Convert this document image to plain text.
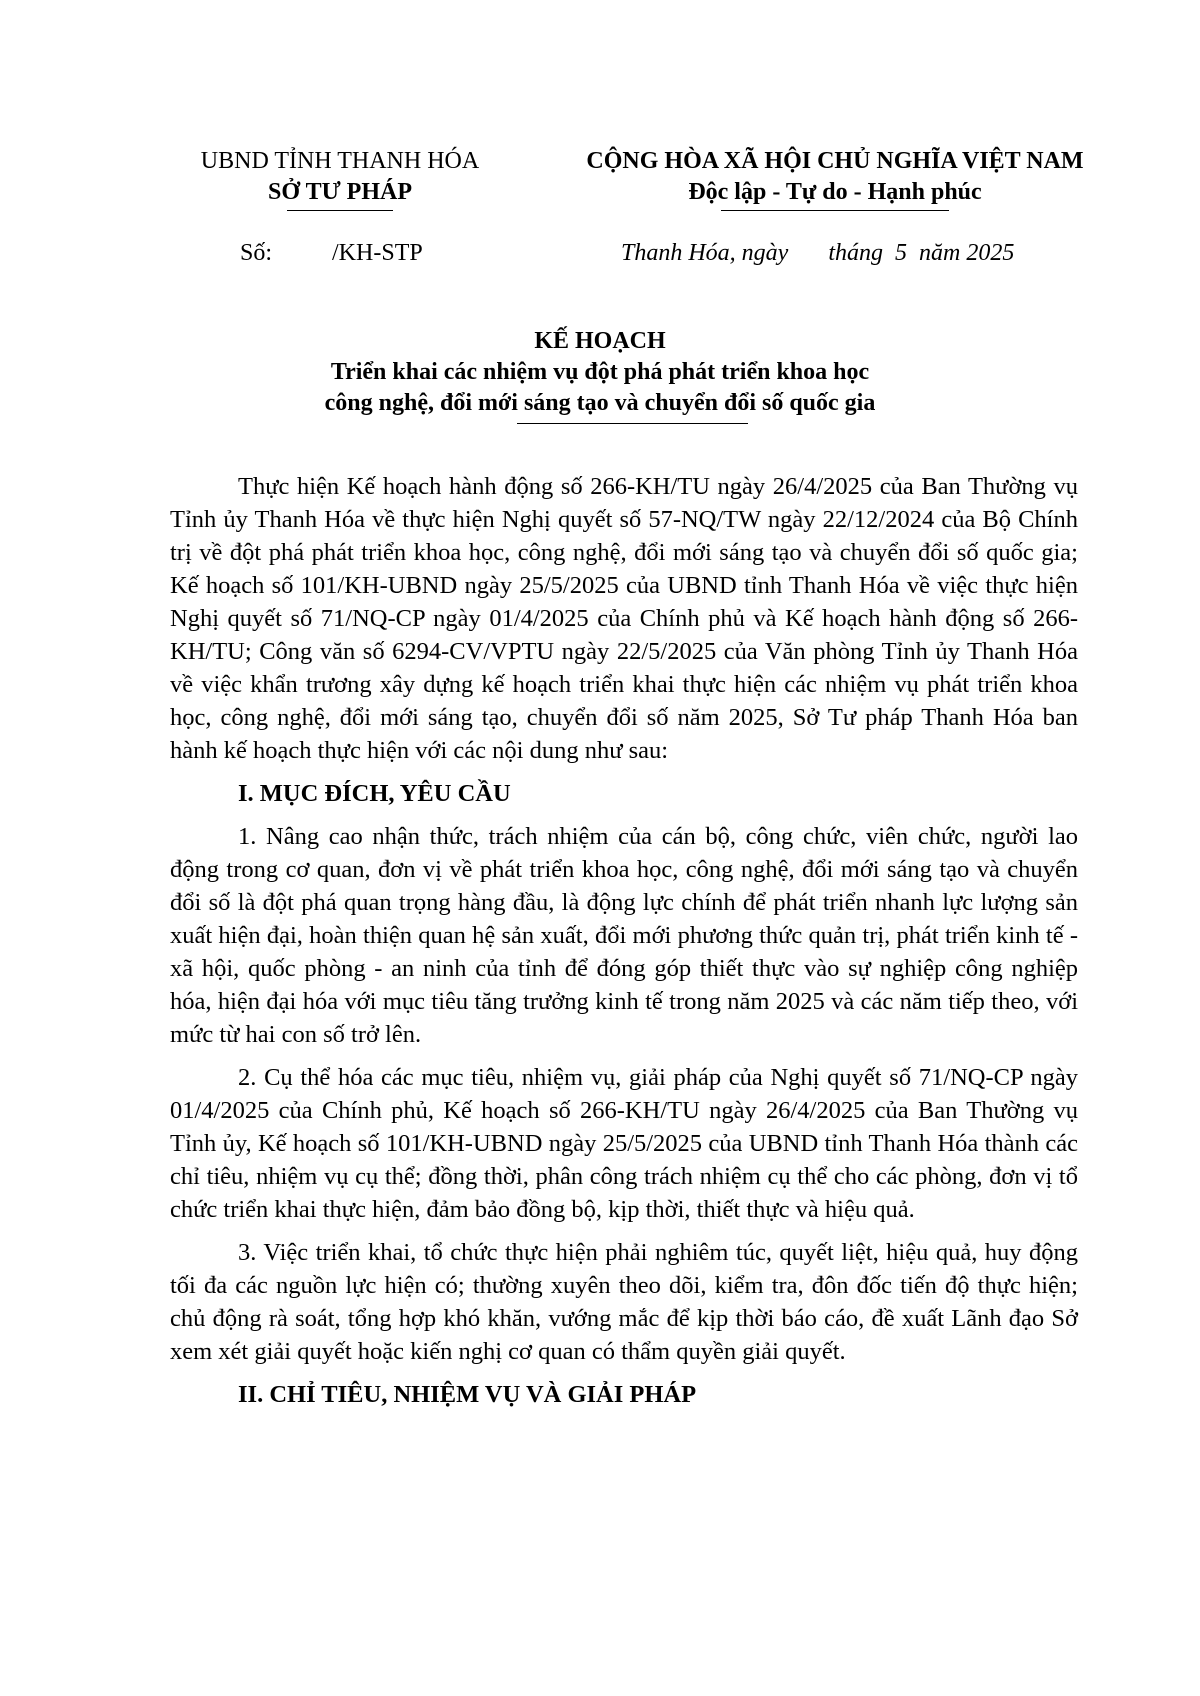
UBND TỈNH THANH HÓA
SỞ TƯ PHÁP
CỘNG HÒA XÃ HỘI CHỦ NGHĨA VIỆT NAM
Độc lập - Tự do - Hạnh phúc
Số:	/KH-STP	Thanh Hóa, ngày tháng  5  năm 2025
KẾ HOẠCH
Triển khai các nhiệm vụ đột phá phát triển khoa học
công nghệ, đổi mới sáng tạo và chuyển đổi số quốc gia

Thực hiện Kế hoạch hành động số 266-KH/TU ngày 26/4/2025 của Ban Thường vụ Tỉnh ủy Thanh Hóa về thực hiện Nghị quyết số 57-NQ/TW ngày 22/12/2024 của Bộ Chính trị về đột phá phát triển khoa học, công nghệ, đổi mới sáng tạo và chuyển đổi số quốc gia; Kế hoạch số 101/KH-UBND ngày 25/5/2025 của UBND tỉnh Thanh Hóa về việc thực hiện Nghị quyết số 71/NQ-CP ngày 01/4/2025 của Chính phủ và Kế hoạch hành động số 266-KH/TU; Công văn số 6294-CV/VPTU ngày 22/5/2025 của Văn phòng Tỉnh ủy Thanh Hóa về việc khẩn trương xây dựng kế hoạch triển khai thực hiện các nhiệm vụ phát triển khoa học, công nghệ, đổi mới sáng tạo, chuyển đổi số năm 2025, Sở Tư pháp Thanh Hóa ban hành kế hoạch thực hiện với các nội dung như sau:

I. MỤC ĐÍCH, YÊU CẦU

1. Nâng cao nhận thức, trách nhiệm của cán bộ, công chức, viên chức, người lao động trong cơ quan, đơn vị về phát triển khoa học, công nghệ, đổi mới sáng tạo và chuyển đổi số là đột phá quan trọng hàng đầu, là động lực chính để phát triển nhanh lực lượng sản xuất hiện đại, hoàn thiện quan hệ sản xuất, đổi mới phương thức quản trị, phát triển kinh tế - xã hội, quốc phòng - an ninh của tỉnh để đóng góp thiết thực vào sự nghiệp công nghiệp hóa, hiện đại hóa với mục tiêu tăng trưởng kinh tế trong năm 2025 và các năm tiếp theo, với mức từ hai con số trở lên.

2. Cụ thể hóa các mục tiêu, nhiệm vụ, giải pháp của Nghị quyết số 71/NQ-CP ngày 01/4/2025 của Chính phủ, Kế hoạch số 266-KH/TU ngày 26/4/2025 của Ban Thường vụ Tỉnh ủy, Kế hoạch số 101/KH-UBND ngày 25/5/2025 của UBND tỉnh Thanh Hóa thành các chỉ tiêu, nhiệm vụ cụ thể; đồng thời, phân công trách nhiệm cụ thể cho các phòng, đơn vị tổ chức triển khai thực hiện, đảm bảo đồng bộ, kịp thời, thiết thực và hiệu quả.

3. Việc triển khai, tổ chức thực hiện phải nghiêm túc, quyết liệt, hiệu quả, huy động tối đa các nguồn lực hiện có; thường xuyên theo dõi, kiểm tra, đôn đốc tiến độ thực hiện; chủ động rà soát, tổng hợp khó khăn, vướng mắc để kịp thời báo cáo, đề xuất Lãnh đạo Sở xem xét giải quyết hoặc kiến nghị cơ quan có thẩm quyền giải quyết.

II. CHỈ TIÊU, NHIỆM VỤ VÀ GIẢI PHÁP
